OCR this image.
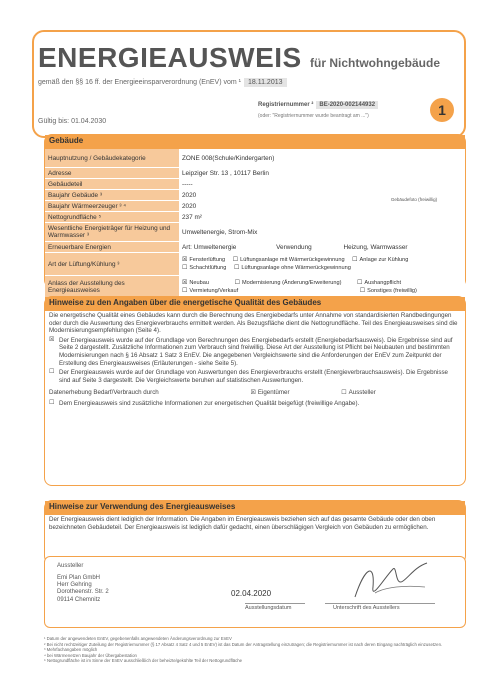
ENERGIEAUSWEIS für Nichtwohngebäude
gemäß den §§ 16 ff. der Energieeinsparverordnung (EnEV) vom ¹ 18.11.2013
Gültig bis: 01.04.2030
Registriernummer ² BE-2020-002144932
(oder: "Registriernummer wurde beantragt am ...")	1
Gebäude
Hauptnutzung / Gebäudekategorie	ZONE 008(Schule/Kindergarten)
Adresse	Leipziger Str. 13 , 10117 Berlin
Gebäudeteil	-----
Baujahr Gebäude ³	2020
Baujahr Wärmeerzeuger ³ ⁴	2020
Nettogrundfläche ⁵	237 m²
Wesentliche Energieträger für Heizung und Warmwasser ³	Umweltenergie, Strom-Mix
Erneuerbare Energien	Art: Umweltenergie Verwendung Heizung, Warmwasser
Art der Lüftung/Kühlung ³	☒ Fensterlüftung ☐ Lüftungsanlage mit Wärmerückgewinnung ☐ Anlage zur Kühlung
☐ Schachtlüftung ☐ Lüftungsanlage ohne Wärmerückgewinnung
Anlass der Ausstellung des Energieausweises	☒ Neubau ☐ Modernisierung (Änderung/Erweiterung) ☐ Aushangpflicht
☐ Vermietung/Verkauf ☐ Sonstiges (freiwillig)
Gebäudefoto (freiwillig)
Hinweise zu den Angaben über die energetische Qualität des Gebäudes
Die energetische Qualität eines Gebäudes kann durch die Berechnung des Energiebedarfs unter Annahme von standardisierten Randbedingungen oder durch die Auswertung des Energieverbrauchs ermittelt werden. Als Bezugsfläche dient die Nettogrundfläche. Teil des Energieausweises sind die Modernisierungsempfehlungen (Seite 4).
☒ Der Energieausweis wurde auf der Grundlage von Berechnungen des Energiebedarfs erstellt (Energiebedarfsausweis). Die Ergebnisse sind auf Seite 2 dargestellt. Zusätzliche Informationen zum Verbrauch sind freiwillig. Diese Art der Ausstellung ist Pflicht bei Neubauten und bestimmten Modernisierungen nach § 16 Absatz 1 Satz 3 EnEV. Die angegebenen Vergleichswerte sind die Anforderungen der EnEV zum Zeitpunkt der Erstellung des Energieausweises (Erläuterungen - siehe Seite 5).
☐ Der Energieausweis wurde auf der Grundlage von Auswertungen des Energieverbrauchs erstellt (Energieverbrauchsausweis). Die Ergebnisse sind auf Seite 3 dargestellt. Die Vergleichswerte beruhen auf statistischen Auswertungen.
Datenerhebung Bedarf/Verbrauch durch	☒ Eigentümer	☐ Aussteller
☐ Dem Energieausweis sind zusätzliche Informationen zur energetischen Qualität beigefügt (freiwillige Angabe).
Hinweise zur Verwendung des Energieausweises
Der Energieausweis dient lediglich der Information. Die Angaben im Energieausweis beziehen sich auf das gesamte Gebäude oder den oben bezeichneten Gebäudeteil. Der Energieausweis ist lediglich dafür gedacht, einen überschlägigen Vergleich von Gebäuden zu ermöglichen.
Aussteller
Emi Plan GmbH
Herr Gehring
Dorotheenstr. Str. 2
09114 Chemnitz
02.04.2020
Ausstellungsdatum	Unterschrift des Ausstellers
¹ Datum der angewendeten EnEV, gegebenenfalls angewendeten Änderungsverordnung zur EnEV
² Bei nicht rechtzeitiger Zuteilung der Registriernummer (§ 17 Absatz 4 Satz 4 und 5 EnEV) ist das Datum der Antragstellung einzutragen; die Registriernummer ist nach deren Eingang nachträglich einzusetzen.
³ Mehrfachangaben möglich
⁴ bei Wärmenetzen Baujahr der Übergabestation
⁵ Nettogrundfläche ist im Sinne der EnEV ausschließlich der beheizte/gekühlte Teil der Nettogrundfläche
